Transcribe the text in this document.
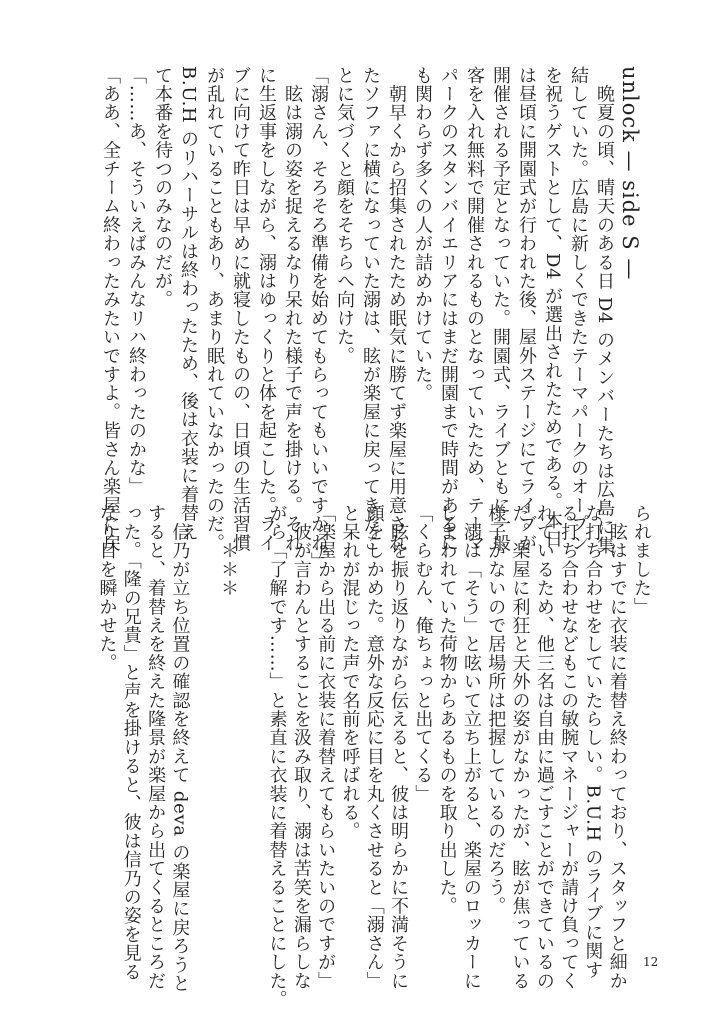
unlock — side S —
　晩夏の頃、晴天のある日 D4 のメンバーたちは広島に集
結していた。広島に新しくできたテーマパークのオープン
を祝うゲストとして、D4 が選出されたためである。本日
は昼頃に開園式が行われた後、屋外ステージにてライブが
開催される予定となっていた。開園式、ライブともに一般
客を入れ無料で開催されるものとなっていたため、テーマ
パークのスタンバイエリアにはまだ開園まで時間があるに
も関わらず多くの人が詰めかけていた。
　朝早くから招集されたため眠気に勝てず楽屋に用意され
たソファに横になっていた溺は、眩が楽屋に戻ってきたこ
とに気づくと顔をそちらへ向けた。
「溺さん、そろそろ準備を始めてもらってもいいですかね」
　眩は溺の姿を捉えるなり呆れた様子で声を掛ける。それ
に生返事をしながら、溺はゆっくりと体を起こした。ライ
ブに向けて昨日は早めに就寝したものの、日頃の生活習慣
が乱れていることもあり、あまり眠れていなかったのだ。
B.U.H のリハーサルは終わったため、後は衣装に着替え
て本番を待つのみなのだが。
「……あ、そういえばみんなリハ終わったのかな」
「ああ、全チーム終わったみたいですよ。皆さん楽屋に戻
られました」
　眩はすでに衣装に着替え終わっており、スタッフと細か
な打ち合わせをしていたらしい。B.U.H のライブに関す
る打ち合わせなどもこの敏腕マネージャーが請け負ってく
れているため、他三名は自由に過ごすことができているの
だ。楽屋に利狂と天外の姿がなかったが、眩が焦っている
様子がないので居場所は把握しているのだろう。
　溺は「そう」と呟いて立ち上がると、楽屋のロッカーに
しまわれていた荷物からあるものを取り出した。
「くらむん、俺ちょっと出てくる」
　眩を振り返りながら伝えると、彼は明らかに不満そうに
顔をしかめた。意外な反応に目を丸くさせると「溺さん」
と呆れが混じった声で名前を呼ばれる。
「楽屋から出る前に衣装に着替えてもらいたいのですが」
　彼が言わんとすることを汲み取り、溺は苦笑を漏らしな
がら「了解です……」と素直に衣装に着替えることにした。
　　＊＊＊
　信乃が立ち位置の確認を終えて deva の楽屋に戻ろうと
すると、着替えを終えた隆景が楽屋から出てくるところだ
った。「隆の兄貴」と声を掛けると、彼は信乃の姿を見る
なり目を瞬かせた。
12
